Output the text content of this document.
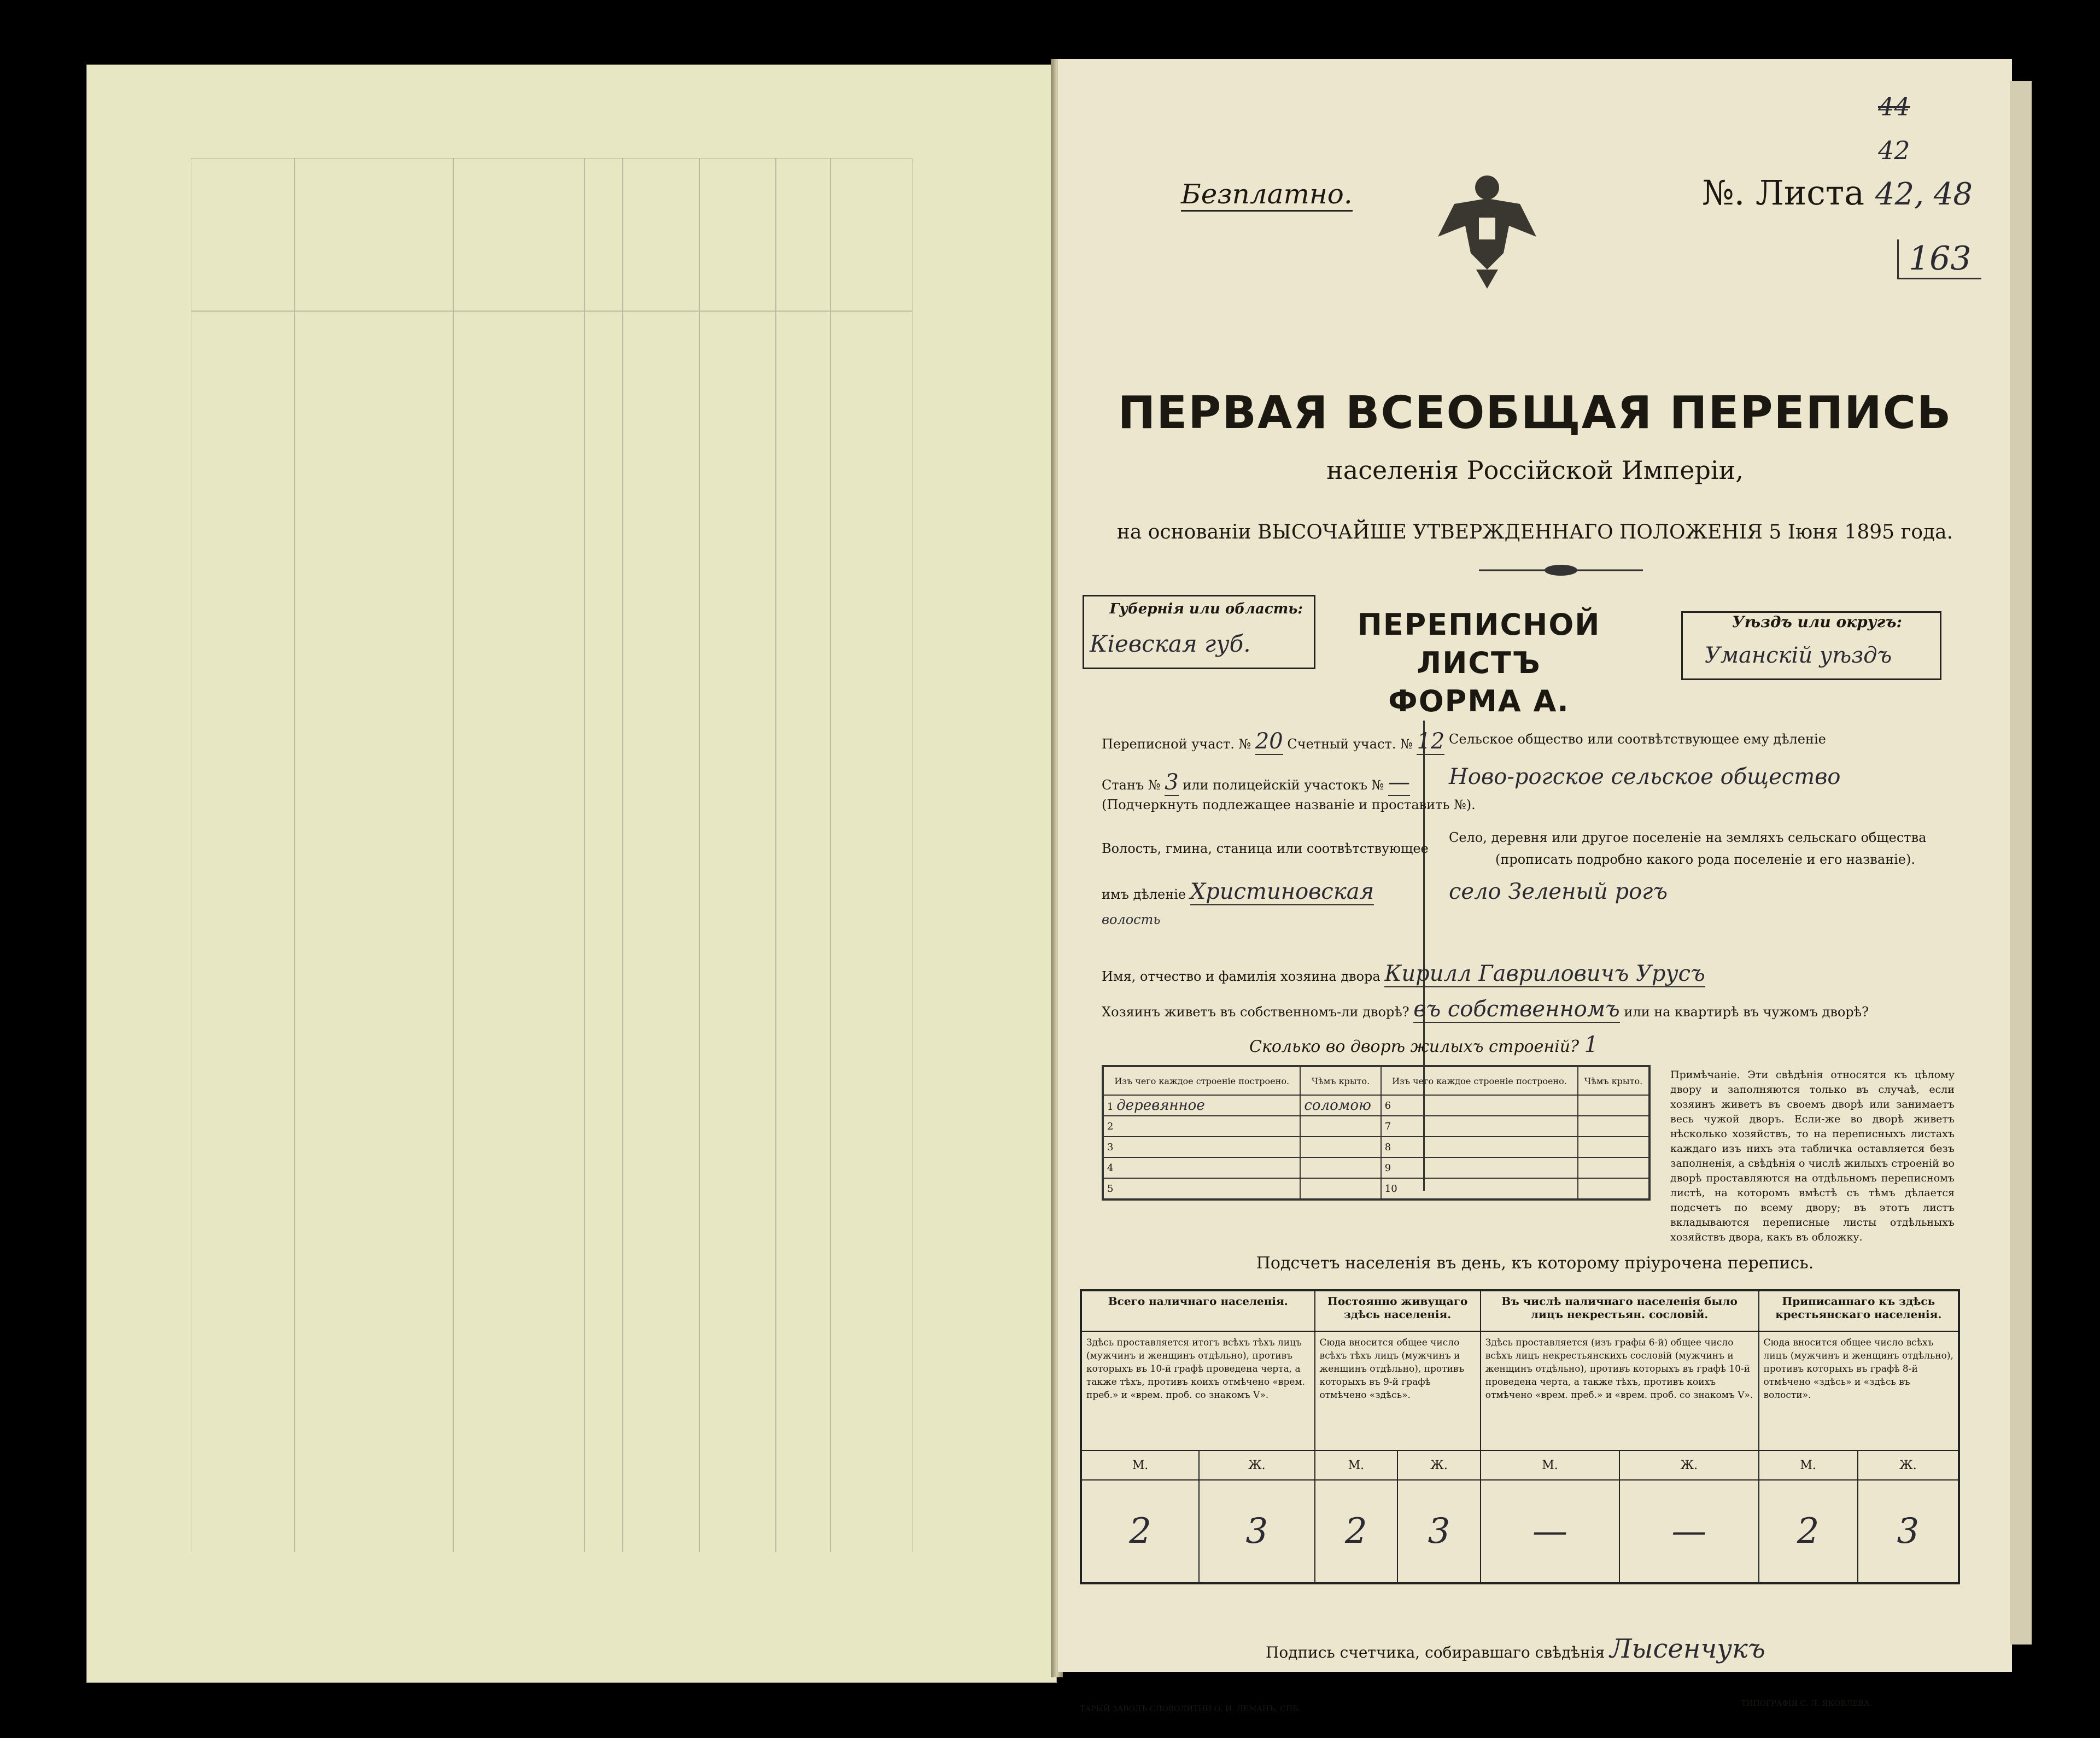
44
42
Безплатно.	№. Листа 42, 48
163
ПЕРВАЯ ВСЕОБЩАЯ ПЕРЕПИСЬ
населенія Россійской Имперіи,
на основаніи ВЫСОЧАЙШЕ УТВЕРЖДЕННАГО ПОЛОЖЕНІЯ 5 Іюня 1895 года.
Губернія или область:
Кіевская губ.
ПЕРЕПИСНОЙ ЛИСТЪ
ФОРМА А.
Уѣздъ или округъ:
Уманскій уѣздъ
Переписной участ. № 20 Счетный участ. № 12
Станъ № 3 или полицейскій участокъ № —
(Подчеркнуть подлежащее названіе и проставить №).
Волость, гмина, станица или соотвѣтствующее
имъ дѣленіе Христиновская
волость
Сельское общество или соотвѣтствующее ему дѣленіе
Ново-рогское сельское общество
Село, деревня или другое поселеніе на земляхъ сельскаго общества
(прописать подробно какого рода поселеніе и его названіе).
село Зеленый рогъ
Имя, отчество и фамилія хозяина двора Кирилл Гавриловичъ Урусъ
Хозяинъ живетъ въ собственномъ-ли дворѣ? въ собственномъ или на квартирѣ въ чужомъ дворѣ?
Сколько во дворѣ жилыхъ строеній? 1
Изъ чего каждое строеніе построено.	Чѣмъ крыто.	Изъ чего каждое строеніе построено.	Чѣмъ крыто.
1 деревянное	соломою	6	
2		7	
3		8	
4		9	
5		10	
Примѣчаніе. Эти свѣдѣнія относятся къ цѣлому двору и заполняются только въ случаѣ, если хозяинъ живетъ въ своемъ дворѣ или занимаетъ весь чужой дворъ. Если-же во дворѣ живетъ нѣсколько хозяйствъ, то на переписныхъ листахъ каждаго изъ нихъ эта табличка оставляется безъ заполненія, а свѣдѣнія о числѣ жилыхъ строеній во дворѣ проставляются на отдѣльномъ переписномъ листѣ, на которомъ вмѣстѣ съ тѣмъ дѣлается подсчетъ по всему двору; въ этотъ листъ вкладываются переписные листы отдѣльныхъ хозяйствъ двора, какъ въ обложку.
Подсчетъ населенія въ день, къ которому пріурочена перепись.
Всего наличнаго населенія.		Постоянно живущаго здѣсь населенія.		Въ числѣ наличнаго населенія было лицъ некрестьян. сословій.		Приписаннаго къ здѣсь крестьянскаго населенія.	
Здѣсь проставляется итогъ всѣхъ тѣхъ лицъ (мужчинъ и женщинъ отдѣльно), противъ которыхъ въ 10-й графѣ проведена черта, а также тѣхъ, противъ коихъ отмѣчено «врем. преб.» и «врем. проб. со знакомъ V».		Сюда вносится общее число всѣхъ тѣхъ лицъ (мужчинъ и женщинъ отдѣльно), противъ которыхъ въ 9-й графѣ отмѣчено «здѣсь».		Здѣсь проставляется (изъ графы 6-й) общее число всѣхъ лицъ некрестьянскихъ сословій (мужчинъ и женщинъ отдѣльно), противъ которыхъ въ графѣ 10-й проведена черта, а также тѣхъ, противъ коихъ отмѣчено «врем. преб.» и «врем. проб. со знакомъ V».		Сюда вносится общее число всѣхъ лицъ (мужчинъ и женщинъ отдѣльно), противъ которыхъ въ графѣ 8-й отмѣчено «здѣсь» и «здѣсь въ волости».	
М.	Ж.	М.	Ж.	М.	Ж.	М.	Ж.
2	3	2	3	—	—	2	3
Подпись счетчика, собиравшаго свѣдѣнія Лысенчукъ
ТАРЫЙ ЗАВОДЪ СЛОВОЛИТНИ О. И. ЛЕМАНЪ, СПБ.
ТИПОГРАФІЯ С. Л. ЯКОВЛЕВА.
